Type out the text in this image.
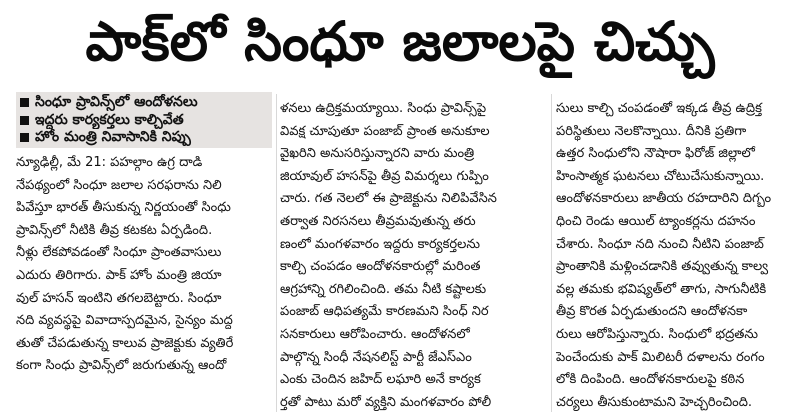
పాక్‌లో సింధూ జలాలపై చిచ్చు
సింధూ ప్రావిన్స్‌లో ఆందోళనలు
ఇద్దరు కార్యకర్తలు కాల్చివేత
హోం మంత్రి నివాసానికి నిప్పు
న్యూఢిల్లీ, మే 21: పహల్గాం ఉగ్ర దాడి
నేపథ్యంలో సింధూ జలాల సరఫరాను నిలి
పివేస్తూ భారత్ తీసుకున్న నిర్ణయంతో సింధు
ప్రావిన్స్‌లో నీటికి తీవ్ర కటకట ఏర్పడింది.
నీళ్లు లేకపోవడంతో సింధూ ప్రాంతవాసులు
ఎదురు తిరిగారు. పాక్ హోం మంత్రి జియా
వుల్ హసన్ ఇంటిని తగలబెట్టారు. సింధూ
నది వ్యవస్థపై వివాదాస్పదమైన, సైన్యం మద్ద
తుతో చేపడుతున్న కాలువ ప్రాజెక్టుకు వ్యతిరే
కంగా సింధు ప్రావిన్స్‌లో జరుగుతున్న ఆందో
ళనలు ఉద్రిక్తమయ్యాయి. సింధు ప్రావిన్స్‌పై
వివక్ష చూపుతూ పంజాబ్ ప్రాంత అనుకూల
వైఖరిని అనుసరిస్తున్నారని వారు మంత్రి
జియావుల్ హసన్‌పై తీవ్ర విమర్శలు గుప్పిం
చారు. గత నెలలో ఈ ప్రాజెక్టును నిలిపివేసిన
తర్వాత నిరసనలు తీవ్రమవుతున్న తరు
ణంలో మంగళవారం ఇద్దరు కార్యకర్తలను
కాల్చి చంపడం ఆందోళనకారుల్లో మరింత
ఆగ్రహాన్ని రగిలించింది. తమ నీటి కష్టాలకు
పంజాబ్ ఆధిపత్యమే కారణమని సింధ్ నిర
సనకారులు ఆరోపించారు. ఆందోళనలో
పాల్గొన్న సింధీ నేషనలిస్ట్ పార్టీ జేఎస్ఎం
ఎంకు చెందిన జహిద్ లఘారి అనే కార్యక
ర్తతో పాటు మరో వ్యక్తిని మంగళవారం పోలీ
సులు కాల్చి చంపడంతో ఇక్కడ తీవ్ర ఉద్రిక్త
పరిస్థితులు నెలకొన్నాయి. దీనికి ప్రతిగా
ఉత్తర సింధులోని నౌషారా ఫిరోజ్ జిల్లాలో
హింసాత్మక ఘటనలు చోటుచేసుకున్నాయి.
ఆందోళనకారులు జాతీయ రహదారిని దిగ్బం
ధించి రెండు ఆయిల్ ట్యాంకర్లను దహనం
చేశారు. సింధూ నది నుంచి నీటిని పంజాబ్
ప్రాంతానికి మళ్లించడానికి తవ్వుతున్న కాల్వ
వల్ల తమకు భవిష్యత్‌లో తాగు, సాగునీటికి
తీవ్ర కొరత ఏర్పడుతుందని ఆందోళనకా
రులు ఆరోపిస్తున్నారు. సింధులో భద్రతను
పెంచేందుకు పాక్ మిలిటరీ దళాలను రంగం
లోకి దింపింది. ఆందోళనకారులపై కఠిన
చర్యలు తీసుకుంటామని హెచ్చరించింది.
